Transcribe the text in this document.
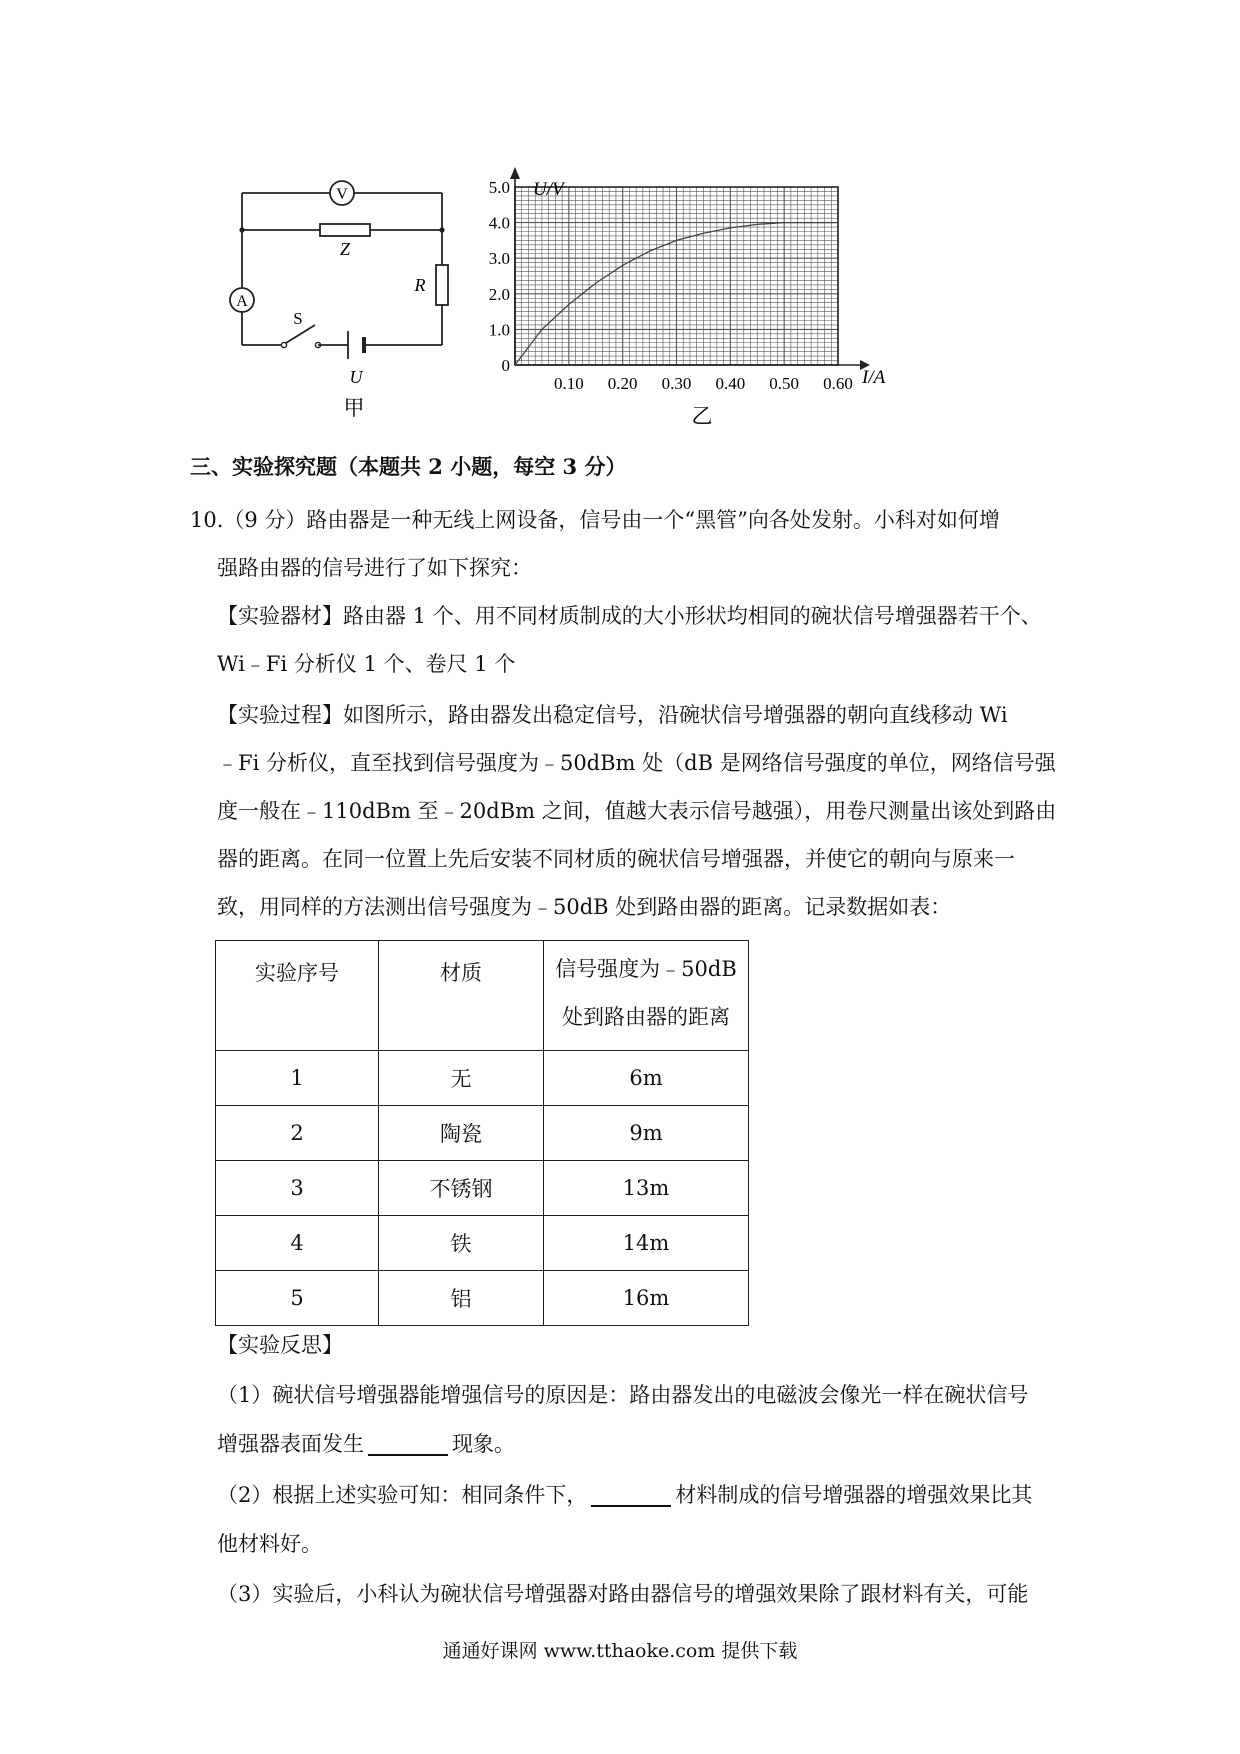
V
A
Z
R
S
U
甲
0.10 0.20 0.30 0.40 0.50 0.60
0
1.0
2.0
3.0
4.0
5.0 U/V
I/A
乙
三、实验探究题（本题共 2 小题，每空 3 分）
10.（9 分）路由器是一种无线上网设备，信号由一个“黑管”向各处发射。小科对如何增
强路由器的信号进行了如下探究：
【实验器材】路由器 1 个、用不同材质制成的大小形状均相同的碗状信号增强器若干个、
Wi﹣Fi 分析仪 1 个、卷尺 1 个
【实验过程】如图所示，路由器发出稳定信号，沿碗状信号增强器的朝向直线移动 Wi
﹣Fi 分析仪，直至找到信号强度为﹣50dBm 处（dB 是网络信号强度的单位，网络信号强
度一般在﹣110dBm 至﹣20dBm 之间，值越大表示信号越强），用卷尺测量出该处到路由
器的距离。在同一位置上先后安装不同材质的碗状信号增强器，并使它的朝向与原来一
致，用同样的方法测出信号强度为﹣50dB 处到路由器的距离。记录数据如表：
实验序号	材质	信号强度为﹣50dB
处到路由器的距离

1	无	6m
2	陶瓷	9m
3	不锈钢	13m
4	铁	14m
5	铝	16m
【实验反思】
（1）碗状信号增强器能增强信号的原因是：路由器发出的电磁波会像光一样在碗状信号
增强器表面发生	现象。
（2）根据上述实验可知：相同条件下，	材料制成的信号增强器的增强效果比其
他材料好。
（3）实验后，小科认为碗状信号增强器对路由器信号的增强效果除了跟材料有关，可能
通通好课网 www.tthaoke.com 提供下载
